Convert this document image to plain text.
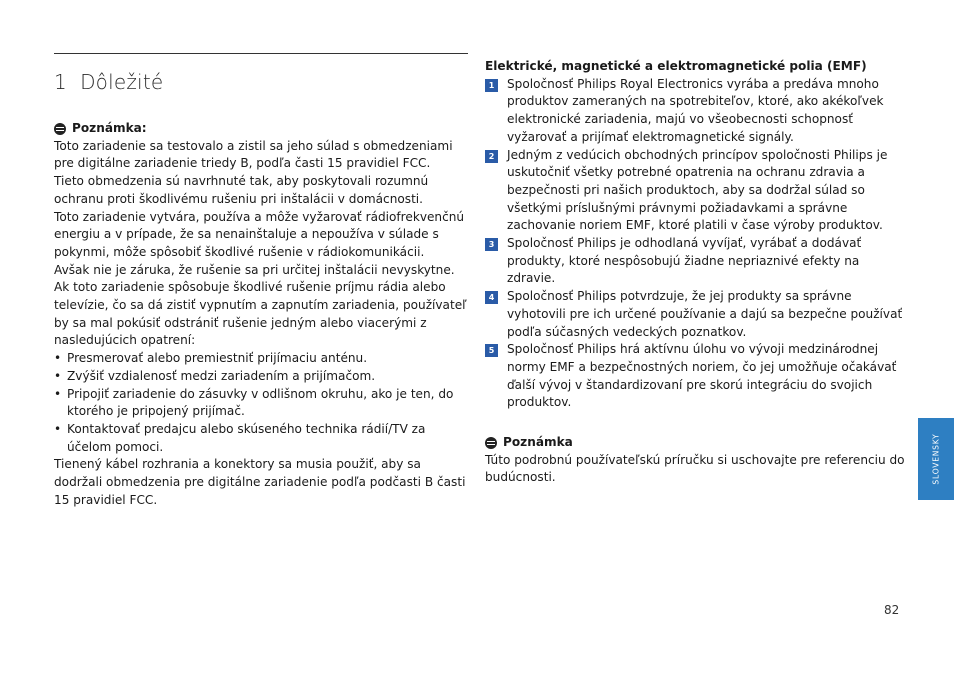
1 Dôležité
Poznámka:

Toto zariadenie sa testovalo a zistil sa jeho súlad s obmedzeniami pre digitálne zariadenie triedy B, podľa časti 15 pravidiel FCC.

Tieto obmedzenia sú navrhnuté tak, aby poskytovali rozumnú ochranu proti škodlivému rušeniu pri inštalácii v domácnosti.

Toto zariadenie vytvára, používa a môže vyžarovať rádiofrekvenčnú energiu a v prípade, že sa nenainštaluje a nepoužíva v súlade s pokynmi, môže spôsobiť škodlivé rušenie v rádiokomunikácii.

Avšak nie je záruka, že rušenie sa pri určitej inštalácii nevyskytne.

Ak toto zariadenie spôsobuje škodlivé rušenie príjmu rádia alebo televízie, čo sa dá zistiť vypnutím a zapnutím zariadenia, používateľ by sa mal pokúsiť odstrániť rušenie jedným alebo viacerými z nasledujúcich opatrení:

• Presmerovať alebo premiestniť prijímaciu anténu.
• Zvýšiť vzdialenosť medzi zariadením a prijímačom.
• Pripojiť zariadenie do zásuvky v odlišnom okruhu, ako je ten, do ktorého je pripojený prijímač.
• Kontaktovať predajcu alebo skúseného technika rádií/TV za účelom pomoci.

Tienený kábel rozhrania a konektory sa musia použiť, aby sa dodržali obmedzenia pre digitálne zariadenie podľa podčasti B časti 15 pravidiel FCC.

Elektrické, magnetické a elektromagnetické polia (EMF)
1	Spoločnosť Philips Royal Electronics vyrába a predáva mnoho produktov zameraných na spotrebiteľov, ktoré, ako akékoľvek elektronické zariadenia, majú vo všeobecnosti schopnosť vyžarovať a prijímať elektromagnetické signály.
2	Jedným z vedúcich obchodných princípov spoločnosti Philips je uskutočniť všetky potrebné opatrenia na ochranu zdravia a bezpečnosti pri našich produktoch, aby sa dodržal súlad so všetkými príslušnými právnymi požiadavkami a správne zachovanie noriem EMF, ktoré platili v čase výroby produktov.
3	Spoločnosť Philips je odhodlaná vyvíjať, vyrábať a dodávať produkty, ktoré nespôsobujú žiadne nepriaznivé efekty na zdravie.
4	Spoločnosť Philips potvrdzuje, že jej produkty sa správne vyhotovili pre ich určené používanie a dajú sa bezpečne používať podľa súčasných vedeckých poznatkov.
5	Spoločnosť Philips hrá aktívnu úlohu vo vývoji medzinárodnej normy EMF a bezpečnostných noriem, čo jej umožňuje očakávať ďalší vývoj v štandardizovaní pre skorú integráciu do svojich produktov.
Poznámka

Túto podrobnú používateľskú príručku si uschovajte pre referenciu do budúcnosti.	SLOVENSKY
82
